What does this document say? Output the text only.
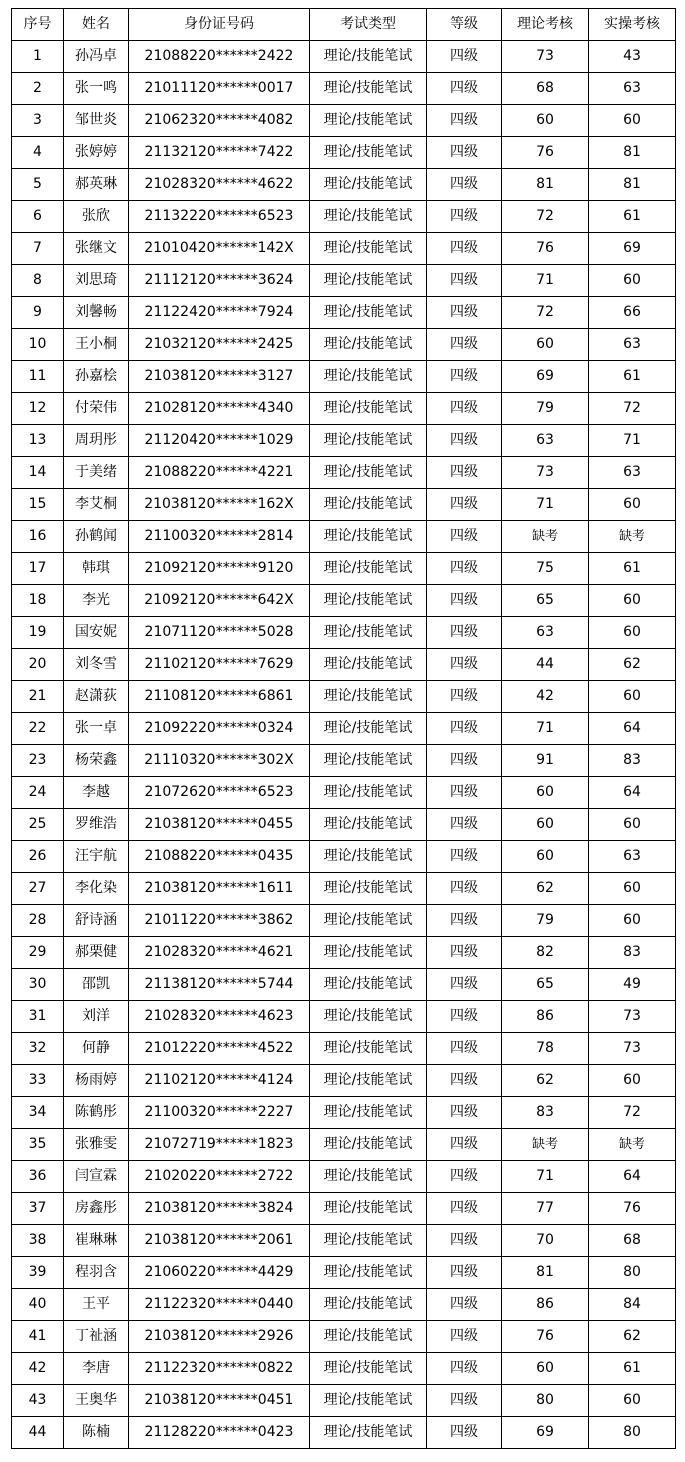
序号	姓名	身份证号码	考试类型	等级	理论考核	实操考核
1	孙冯卓	21088220******2422	理论/技能笔试	四级	73	43
2	张一鸣	21011120******0017	理论/技能笔试	四级	68	63
3	邹世炎	21062320******4082	理论/技能笔试	四级	60	60
4	张婷婷	21132120******7422	理论/技能笔试	四级	76	81
5	郝英琳	21028320******4622	理论/技能笔试	四级	81	81
6	张欣	21132220******6523	理论/技能笔试	四级	72	61
7	张继文	21010420******142X	理论/技能笔试	四级	76	69
8	刘思琦	21112120******3624	理论/技能笔试	四级	71	60
9	刘馨畅	21122420******7924	理论/技能笔试	四级	72	66
10	王小桐	21032120******2425	理论/技能笔试	四级	60	63
11	孙嘉桧	21038120******3127	理论/技能笔试	四级	69	61
12	付荣伟	21028120******4340	理论/技能笔试	四级	79	72
13	周玥彤	21120420******1029	理论/技能笔试	四级	63	71
14	于美绪	21088220******4221	理论/技能笔试	四级	73	63
15	李艾桐	21038120******162X	理论/技能笔试	四级	71	60
16	孙鹤闻	21100320******2814	理论/技能笔试	四级	缺考	缺考
17	韩琪	21092120******9120	理论/技能笔试	四级	75	61
18	李光	21092120******642X	理论/技能笔试	四级	65	60
19	国安妮	21071120******5028	理论/技能笔试	四级	63	60
20	刘冬雪	21102120******7629	理论/技能笔试	四级	44	62
21	赵潇荻	21108120******6861	理论/技能笔试	四级	42	60
22	张一卓	21092220******0324	理论/技能笔试	四级	71	64
23	杨荣鑫	21110320******302X	理论/技能笔试	四级	91	83
24	李越	21072620******6523	理论/技能笔试	四级	60	64
25	罗维浩	21038120******0455	理论/技能笔试	四级	60	60
26	汪宇航	21088220******0435	理论/技能笔试	四级	60	63
27	李化染	21038120******1611	理论/技能笔试	四级	62	60
28	舒诗涵	21011220******3862	理论/技能笔试	四级	79	60
29	郝栗健	21028320******4621	理论/技能笔试	四级	82	83
30	邵凯	21138120******5744	理论/技能笔试	四级	65	49
31	刘洋	21028320******4623	理论/技能笔试	四级	86	73
32	何静	21012220******4522	理论/技能笔试	四级	78	73
33	杨雨婷	21102120******4124	理论/技能笔试	四级	62	60
34	陈鹤彤	21100320******2227	理论/技能笔试	四级	83	72
35	张雅雯	21072719******1823	理论/技能笔试	四级	缺考	缺考
36	闫宣霖	21020220******2722	理论/技能笔试	四级	71	64
37	房鑫彤	21038120******3824	理论/技能笔试	四级	77	76
38	崔琳琳	21038120******2061	理论/技能笔试	四级	70	68
39	程羽含	21060220******4429	理论/技能笔试	四级	81	80
40	王平	21122320******0440	理论/技能笔试	四级	86	84
41	丁祉涵	21038120******2926	理论/技能笔试	四级	76	62
42	李唐	21122320******0822	理论/技能笔试	四级	60	61
43	王奥华	21038120******0451	理论/技能笔试	四级	80	60
44	陈楠	21128220******0423	理论/技能笔试	四级	69	80
